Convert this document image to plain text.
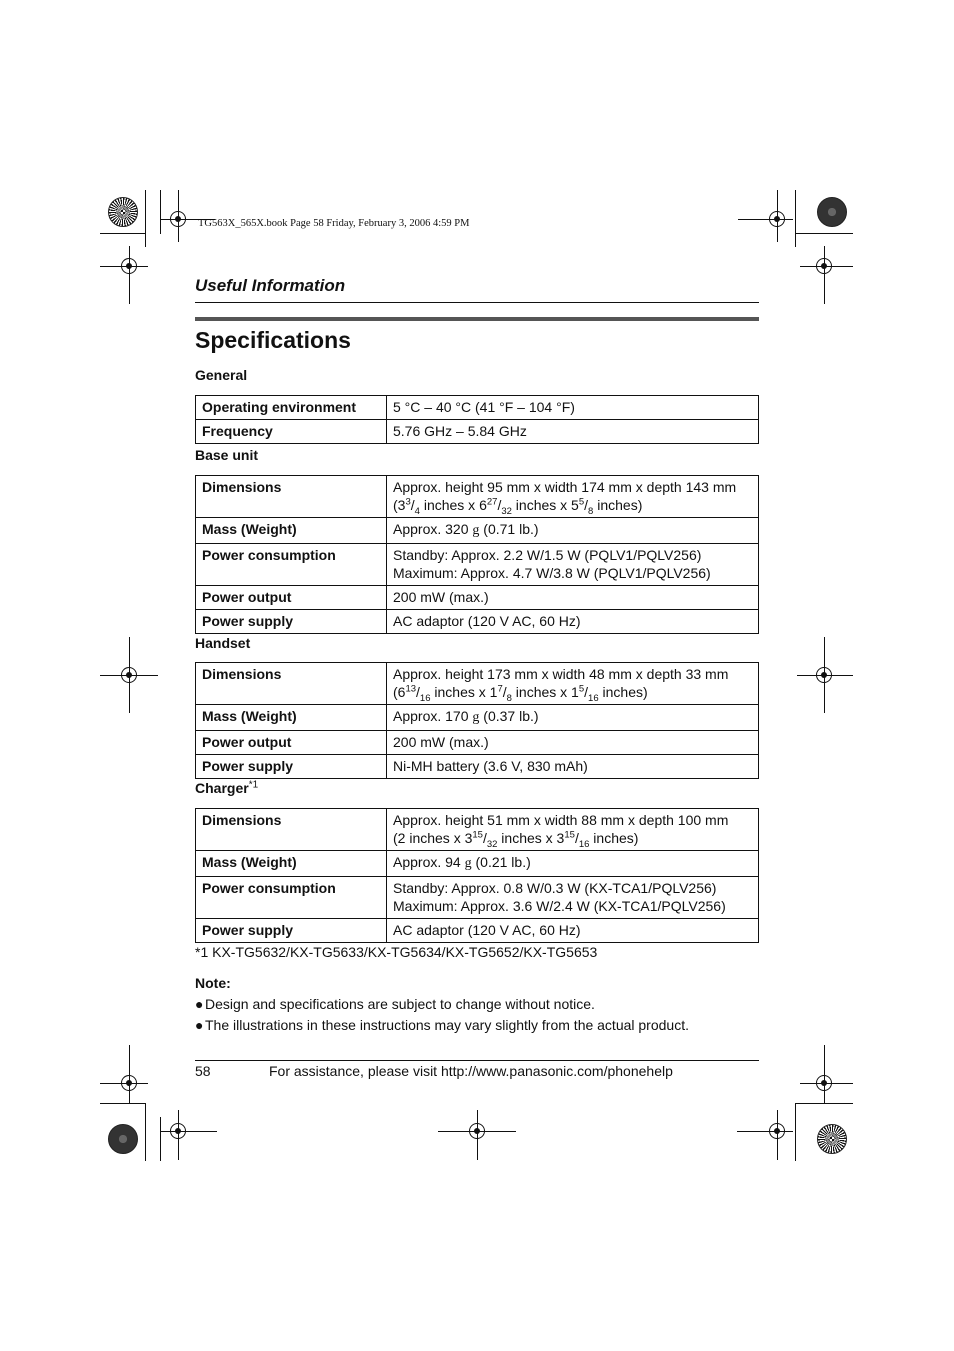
TG563X_565X.book Page 58 Friday, February 3, 2006 4:59 PM
Useful Information
Specifications
General
Operating environment	5 °C – 40 °C (41 °F – 104 °F)
Frequency	5.76 GHz – 5.84 GHz
Base unit
Dimensions	Approx. height 95 mm x width 174 mm x depth 143 mm
($3^3/_4$ inches x $6^{27}/_{32}$ inches x $5^5/_8$ inches)
Mass (Weight)	Approx. 320 g (0.71 lb.)
Power consumption	Standby: Approx. 2.2 W/1.5 W (PQLV1/PQLV256)
Maximum: Approx. 4.7 W/3.8 W (PQLV1/PQLV256)
Power output	200 mW (max.)
Power supply	AC adaptor (120 V AC, 60 Hz)
Handset
Dimensions	Approx. height 173 mm x width 48 mm x depth 33 mm
($6^{13}/_{16}$ inches x $1^7/_8$ inches x $1^5/_{16}$ inches)
Mass (Weight)	Approx. 170 g (0.37 lb.)
Power output	200 mW (max.)
Power supply	Ni-MH battery (3.6 V, 830 mAh)
Charger$^{*1}$
Dimensions	Approx. height 51 mm x width 88 mm x depth 100 mm
(2 inches x $3^{15}/_{32}$ inches x $3^{15}/_{16}$ inches)
Mass (Weight)	Approx. 94 g (0.21 lb.)
Power consumption	Standby: Approx. 0.8 W/0.3 W (KX-TCA1/PQLV256)
Maximum: Approx. 3.6 W/2.4 W (KX-TCA1/PQLV256)
Power supply	AC adaptor (120 V AC, 60 Hz)
*1 KX-TG5632/KX-TG5633/KX-TG5634/KX-TG5652/KX-TG5653
Note:
● Design and specifications are subject to change without notice.
● The illustrations in these instructions may vary slightly from the actual product.
58	For assistance, please visit http://www.panasonic.com/phonehelp
